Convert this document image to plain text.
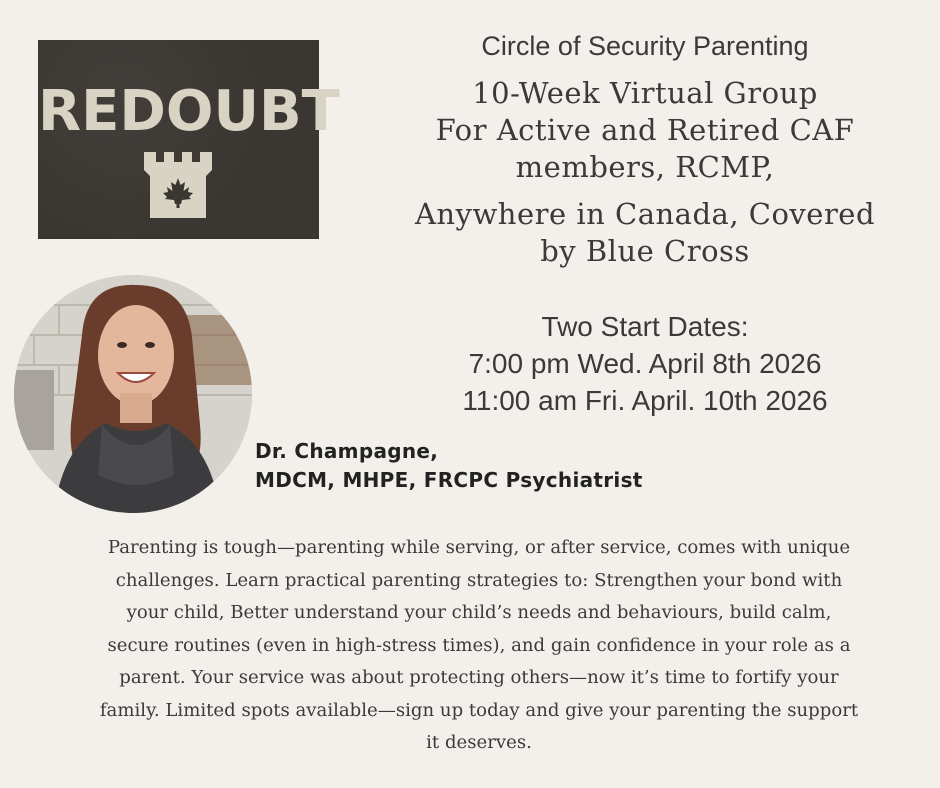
REDOUBT
Circle of Security Parenting
10-Week Virtual Group
For Active and Retired CAF
members, RCMP,
Anywhere in Canada, Covered
by Blue Cross
Two Start Dates:
7:00 pm Wed. April 8th 2026
11:00 am Fri. April. 10th 2026
Dr. Champagne,
MDCM, MHPE, FRCPC Psychiatrist
Parenting is tough—parenting while serving, or after service, comes with unique
challenges. Learn practical parenting strategies to: Strengthen your bond with
your child, Better understand your child’s needs and behaviours, build calm,
secure routines (even in high-stress times), and gain confidence in your role as a
parent. Your service was about protecting others—now it’s time to fortify your
family. Limited spots available—sign up today and give your parenting the support
it deserves.
